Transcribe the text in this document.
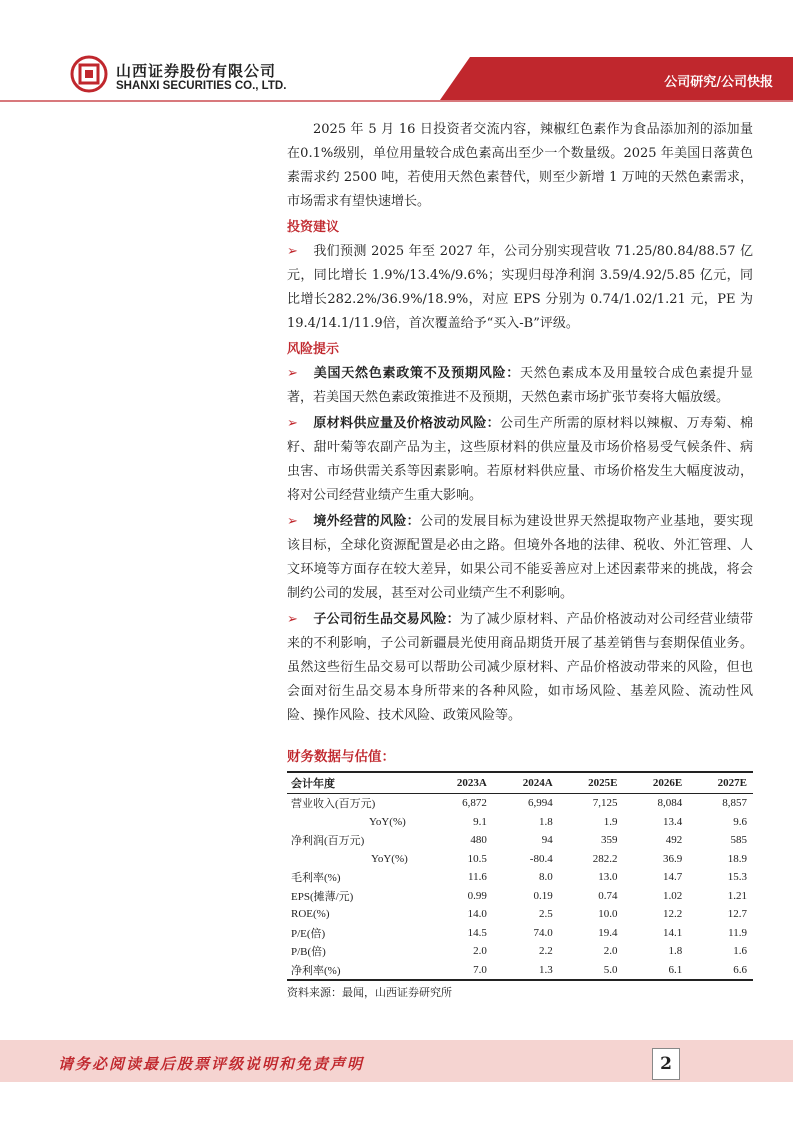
山西证券股份有限公司
SHANXI SECURITIES CO., LTD.	公司研究/公司快报

2025 年 5 月 16 日投资者交流内容，辣椒红色素作为食品添加剂的添加量在0.1%级别，单位用量较合成色素高出至少一个数量级。2025 年美国日落黄色素需求约 2500 吨，若使用天然色素替代，则至少新增 1 万吨的天然色素需求，市场需求有望快速增长。

投资建议

➢ 我们预测 2025 年至 2027 年，公司分别实现营收 71.25/80.84/88.57 亿元，同比增长 1.9%/13.4%/9.6%；实现归母净利润 3.59/4.92/5.85 亿元，同比增长282.2%/36.9%/18.9%，对应 EPS 分别为 0.74/1.02/1.21 元，PE 为 19.4/14.1/11.9倍，首次覆盖给予“买入-B”评级。

风险提示

➢ 美国天然色素政策不及预期风险：天然色素成本及用量较合成色素提升显著，若美国天然色素政策推进不及预期，天然色素市场扩张节奏将大幅放缓。

➢ 原材料供应量及价格波动风险：公司生产所需的原材料以辣椒、万寿菊、棉籽、甜叶菊等农副产品为主，这些原材料的供应量及市场价格易受气候条件、病虫害、市场供需关系等因素影响。若原材料供应量、市场价格发生大幅度波动，将对公司经营业绩产生重大影响。

➢ 境外经营的风险：公司的发展目标为建设世界天然提取物产业基地，要实现该目标，全球化资源配置是必由之路。但境外各地的法律、税收、外汇管理、人文环境等方面存在较大差异，如果公司不能妥善应对上述因素带来的挑战，将会制约公司的发展，甚至对公司业绩产生不利影响。

➢ 子公司衍生品交易风险：为了减少原材料、产品价格波动对公司经营业绩带来的不利影响，子公司新疆晨光使用商品期货开展了基差销售与套期保值业务。虽然这些衍生品交易可以帮助公司减少原材料、产品价格波动带来的风险，但也会面对衍生品交易本身所带来的各种风险，如市场风险、基差风险、流动性风险、操作风险、技术风险、政策风险等。

财务数据与估值：
会计年度	2023A	2024A	2025E	2026E	2027E
营业收入(百万元)	6,872	6,994	7,125	8,084	8,857
YoY(%)	9.1	1.8	1.9	13.4	9.6
净利润(百万元)	480	94	359	492	585
YoY(%)	10.5	-80.4	282.2	36.9	18.9
毛利率(%)	11.6	8.0	13.0	14.7	15.3
EPS(摊薄/元)	0.99	0.19	0.74	1.02	1.21
ROE(%)	14.0	2.5	10.0	12.2	12.7
P/E(倍)	14.5	74.0	19.4	14.1	11.9
P/B(倍)	2.0	2.2	2.0	1.8	1.6
净利率(%)	7.0	1.3	5.0	6.1	6.6
资料来源：最闻，山西证券研究所
请务必阅读最后股票评级说明和免责声明	2
